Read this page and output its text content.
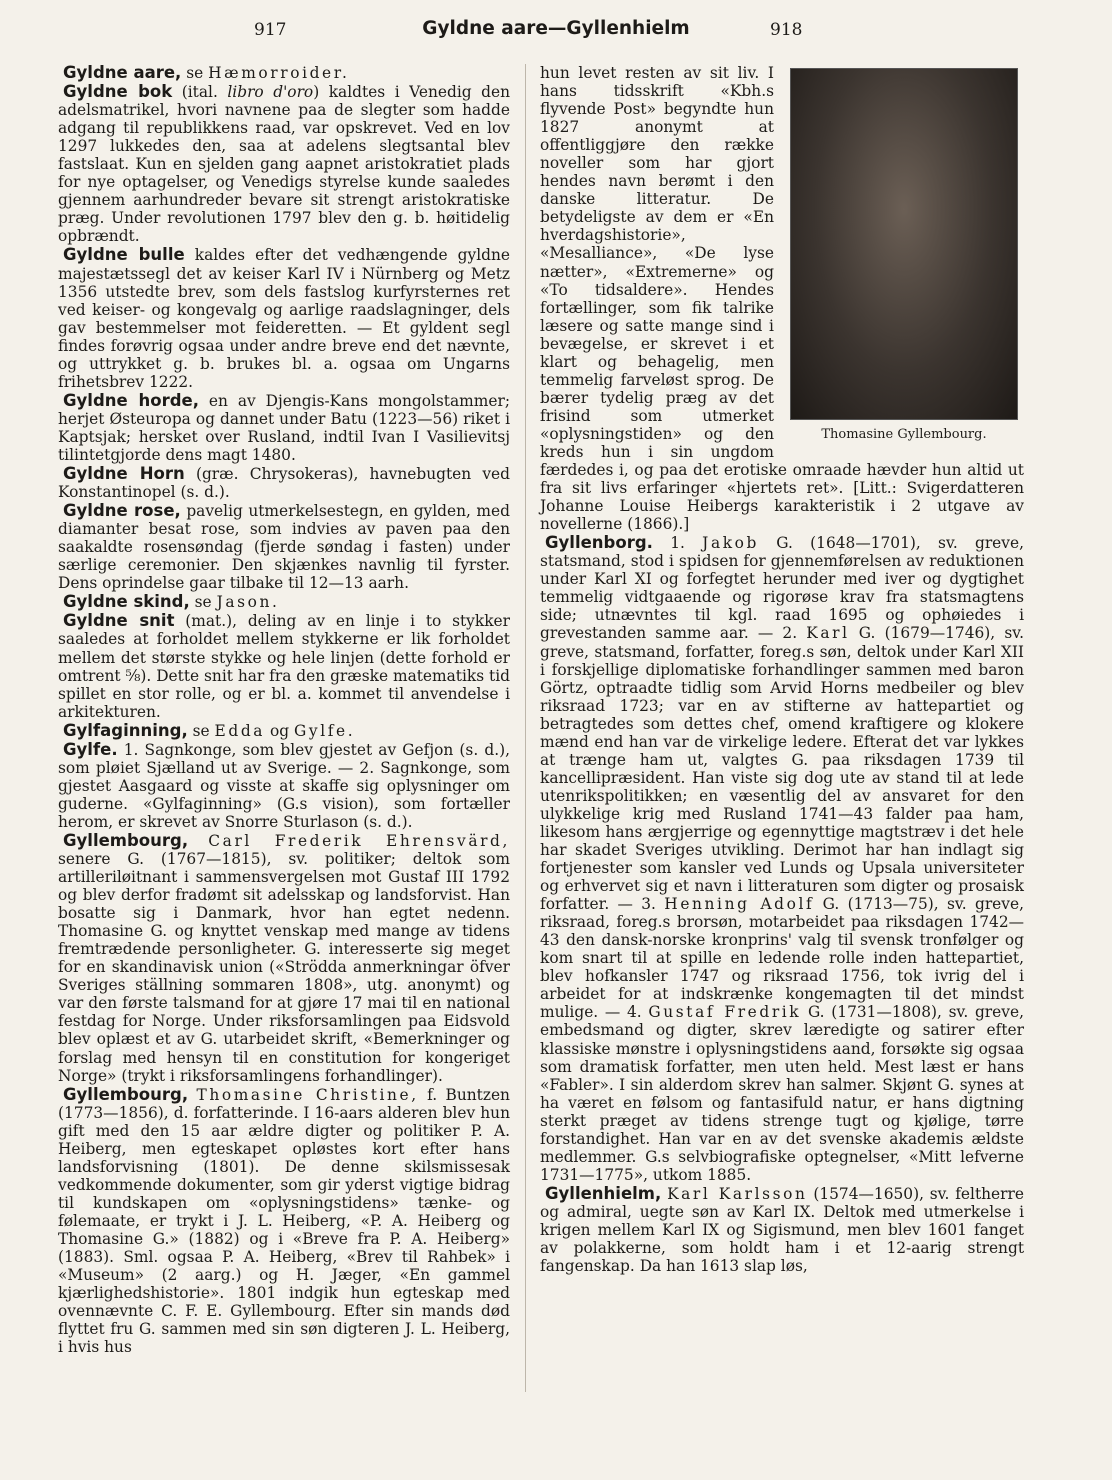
917	Gyldne aare—Gyllenhielm	918

Gyldne aare, se Hæmorroider.

Gyldne bok (ital. libro d'oro) kaldtes i Venedig den adelsmatrikel, hvori navnene paa de slegter som hadde adgang til republikkens raad, var opskrevet. Ved en lov 1297 lukkedes den, saa at adelens slegtsantal blev fastslaat. Kun en sjelden gang aapnet aristokratiet plads for nye optagelser, og Venedigs styrelse kunde saaledes gjennem aarhundreder bevare sit strengt aristokratiske præg. Under revolutionen 1797 blev den g. b. høitidelig opbrændt.

Gyldne bulle kaldes efter det vedhængende gyldne majestætssegl det av keiser Karl IV i Nürnberg og Metz 1356 utstedte brev, som dels fastslog kurfyrsternes ret ved keiser- og kongevalg og aarlige raadslagninger, dels gav bestemmelser mot feideretten. — Et gyldent segl findes forøvrig ogsaa under andre breve end det nævnte, og uttrykket g. b. brukes bl. a. ogsaa om Ungarns frihetsbrev 1222.

Gyldne horde, en av Djengis-Kans mongolstammer; herjet Østeuropa og dannet under Batu (1223—56) riket i Kaptsjak; hersket over Rusland, indtil Ivan I Vasilievitsj tilintetgjorde dens magt 1480.

Gyldne Horn (græ. Chrysokeras), havnebugten ved Konstantinopel (s. d.).

Gyldne rose, pavelig utmerkelsestegn, en gylden, med diamanter besat rose, som indvies av paven paa den saakaldte rosensøndag (fjerde søndag i fasten) under særlige ceremonier. Den skjænkes navnlig til fyrster. Dens oprindelse gaar tilbake til 12—13 aarh.

Gyldne skind, se Jason.

Gyldne snit (mat.), deling av en linje i to stykker saaledes at forholdet mellem stykkerne er lik forholdet mellem det største stykke og hele linjen (dette forhold er omtrent ⅝). Dette snit har fra den græske matematiks tid spillet en stor rolle, og er bl. a. kommet til anvendelse i arkitekturen.

Gylfaginning, se Edda og Gylfe.

Gylfe. 1. Sagnkonge, som blev gjestet av Gefjon (s. d.), som pløiet Sjælland ut av Sverige. — 2. Sagnkonge, som gjestet Aasgaard og visste at skaffe sig oplysninger om guderne. «Gylfaginning» (G.s vision), som fortæller herom, er skrevet av Snorre Sturlason (s. d.).

Gyllembourg, Carl Frederik Ehrensvärd, senere G. (1767—1815), sv. politiker; deltok som artilleriløitnant i sammensvergelsen mot Gustaf III 1792 og blev derfor fradømt sit adelsskap og landsforvist. Han bosatte sig i Danmark, hvor han egtet nedenn. Thomasine G. og knyttet venskap med mange av tidens fremtrædende personligheter. G. interesserte sig meget for en skandinavisk union («Strödda anmerkningar öfver Sveriges ställning sommaren 1808», utg. anonymt) og var den første talsmand for at gjøre 17 mai til en national festdag for Norge. Under riksforsamlingen paa Eidsvold blev oplæst et av G. utarbeidet skrift, «Bemerkninger og forslag med hensyn til en constitution for kongeriget Norge» (trykt i riksforsamlingens forhandlinger).

Gyllembourg, Thomasine Christine, f. Buntzen (1773—1856), d. forfatterinde. I 16-aars alderen blev hun gift med den 15 aar ældre digter og politiker P. A. Heiberg, men egteskapet opløstes kort efter hans landsforvisning (1801). De denne skilsmissesak vedkommende dokumenter, som gir yderst vigtige bidrag til kundskapen om «oplysningstidens» tænke- og følemaate, er trykt i J. L. Heiberg, «P. A. Heiberg og Thomasine G.» (1882) og i «Breve fra P. A. Heiberg» (1883). Sml. ogsaa P. A. Heiberg, «Brev til Rahbek» i «Museum» (2 aarg.) og H. Jæger, «En gammel kjærlighedshistorie». 1801 indgik hun egteskap med ovennævnte C. F. E. Gyllembourg. Efter sin mands død flyttet fru G. sammen med sin søn digteren J. L. Heiberg, i hvis hus

Thomasine Gyllembourg.

hun levet resten av sit liv. I hans tidsskrift «Kbh.s flyvende Post» begyndte hun 1827 anonymt at offentliggjøre den række noveller som har gjort hendes navn berømt i den danske litteratur. De betydeligste av dem er «En hverdagshistorie», «Mesalliance», «De lyse nætter», «Extremerne» og «To tidsaldere». Hendes fortællinger, som fik talrike læsere og satte mange sind i bevægelse, er skrevet i et klart og behagelig, men temmelig farveløst sprog. De bærer tydelig præg av det frisind som utmerket «oplysningstiden» og den kreds hun i sin ungdom færdedes i, og paa det erotiske omraade hævder hun altid ut fra sit livs erfaringer «hjertets ret». [Litt.: Svigerdatteren Johanne Louise Heibergs karakteristik i 2 utgave av novellerne (1866).]

Gyllenborg. 1. Jakob G. (1648—1701), sv. greve, statsmand, stod i spidsen for gjennemførelsen av reduktionen under Karl XI og forfegtet herunder med iver og dygtighet temmelig vidtgaaende og rigorøse krav fra statsmagtens side; utnævntes til kgl. raad 1695 og ophøiedes i grevestanden samme aar. — 2. Karl G. (1679—1746), sv. greve, statsmand, forfatter, foreg.s søn, deltok under Karl XII i forskjellige diplomatiske forhandlinger sammen med baron Görtz, optraadte tidlig som Arvid Horns medbeiler og blev riksraad 1723; var en av stifterne av hattepartiet og betragtedes som dettes chef, omend kraftigere og klokere mænd end han var de virkelige ledere. Efterat det var lykkes at trænge ham ut, valgtes G. paa riksdagen 1739 til kancellipræsident. Han viste sig dog ute av stand til at lede utenrikspolitikken; en væsentlig del av ansvaret for den ulykkelige krig med Rusland 1741—43 falder paa ham, likesom hans ærgjerrige og egennyttige magtstræv i det hele har skadet Sveriges utvikling. Derimot har han indlagt sig fortjenester som kansler ved Lunds og Upsala universiteter og erhvervet sig et navn i litteraturen som digter og prosaisk forfatter. — 3. Henning Adolf G. (1713—75), sv. greve, riksraad, foreg.s brorsøn, motarbeidet paa riksdagen 1742—43 den dansk-norske kronprins' valg til svensk tronfølger og kom snart til at spille en ledende rolle inden hattepartiet, blev hofkansler 1747 og riksraad 1756, tok ivrig del i arbeidet for at indskrænke kongemagten til det mindst mulige. — 4. Gustaf Fredrik G. (1731—1808), sv. greve, embedsmand og digter, skrev læredigte og satirer efter klassiske mønstre i oplysningstidens aand, forsøkte sig ogsaa som dramatisk forfatter, men uten held. Mest læst er hans «Fabler». I sin alderdom skrev han salmer. Skjønt G. synes at ha været en følsom og fantasifuld natur, er hans digtning sterkt præget av tidens strenge tugt og kjølige, tørre forstandighet. Han var en av det svenske akademis ældste medlemmer. G.s selvbiografiske optegnelser, «Mitt lefverne 1731—1775», utkom 1885.

Gyllenhielm, Karl Karlsson (1574—1650), sv. feltherre og admiral, uegte søn av Karl IX. Deltok med utmerkelse i krigen mellem Karl IX og Sigismund, men blev 1601 fanget av polakkerne, som holdt ham i et 12-aarig strengt fangenskap. Da han 1613 slap løs,
